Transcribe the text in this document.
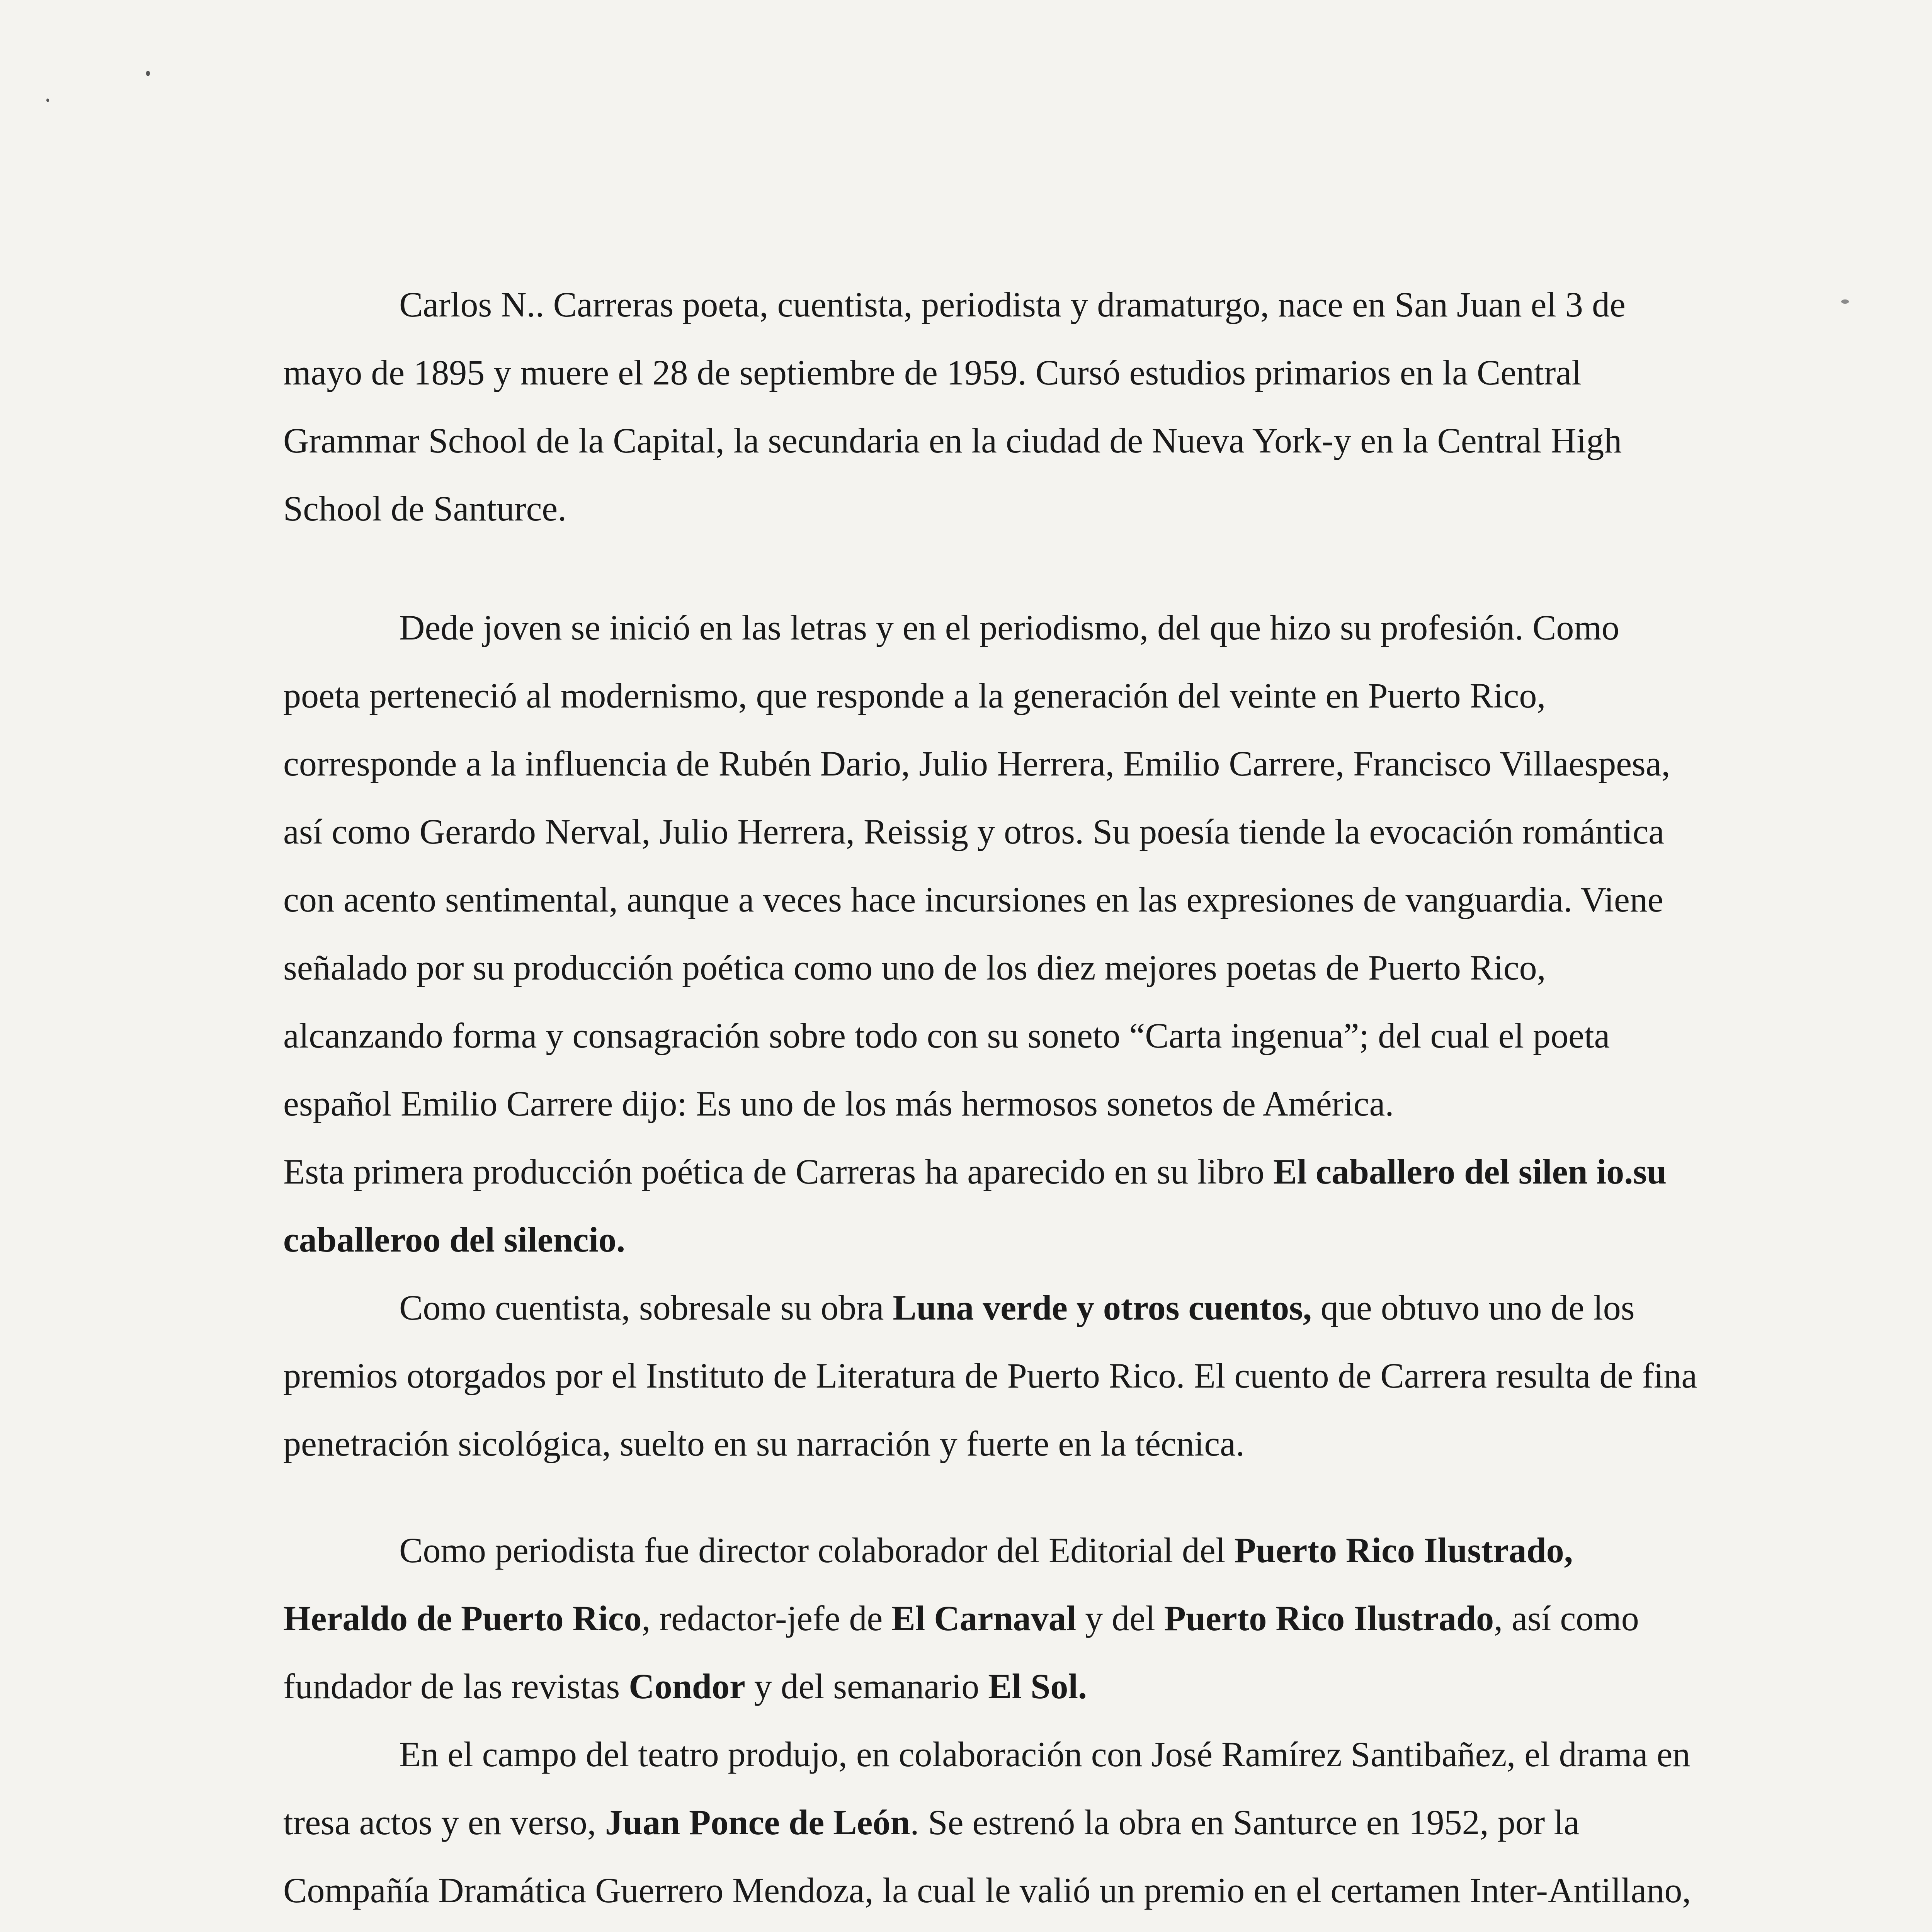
Carlos N.. Carreras poeta, cuentista, periodista y dramaturgo, nace en San Juan el 3 de mayo de 1895 y muere el 28 de septiembre de 1959. Cursó estudios primarios en la Central Grammar School de la Capital, la secundaria en la ciudad de Nueva York-y en la Central High School de Santurce.

Dede joven se inició en las letras y en el periodismo, del que hizo su profesión. Como poeta perteneció al modernismo, que responde a la generación del veinte en Puerto Rico, corresponde a la influencia de Rubén Dario, Julio Herrera, Emilio Carrere, Francisco Villaespesa, así como Gerardo Nerval, Julio Herrera, Reissig y otros. Su poesía tiende la evocación romántica con acento sentimental, aunque a veces hace incursiones en las expresiones de vanguardia. Viene señalado por su producción poética como uno de los diez mejores poetas de Puerto Rico, alcanzando forma y consagración sobre todo con su soneto “Carta ingenua”; del cual el poeta español Emilio Carrere dijo: Es uno de los más hermosos sonetos de América.

Esta primera producción poética de Carreras ha aparecido en su libro El caballero del silen io.su caballeroo del silencio.

Como cuentista, sobresale su obra Luna verde y otros cuentos, que obtuvo uno de los premios otorgados por el Instituto de Literatura de Puerto Rico. El cuento de Carrera resulta de fina penetración sicológica, suelto en su narración y fuerte en la técnica.

Como periodista fue director colaborador del Editorial del Puerto Rico Ilustrado, Heraldo de Puerto Rico, redactor-jefe de El Carnaval y del Puerto Rico Ilustrado, así como fundador de las revistas Condor y del semanario El Sol.

En el campo del teatro produjo, en colaboración con José Ramírez Santibañez, el drama en tresa actos y en verso, Juan Ponce de León. Se estrenó la obra en Santurce en 1952, por la Compañía Dramática Guerrero Mendoza, la cual le valió un premio en el certamen Inter-Antillano,
